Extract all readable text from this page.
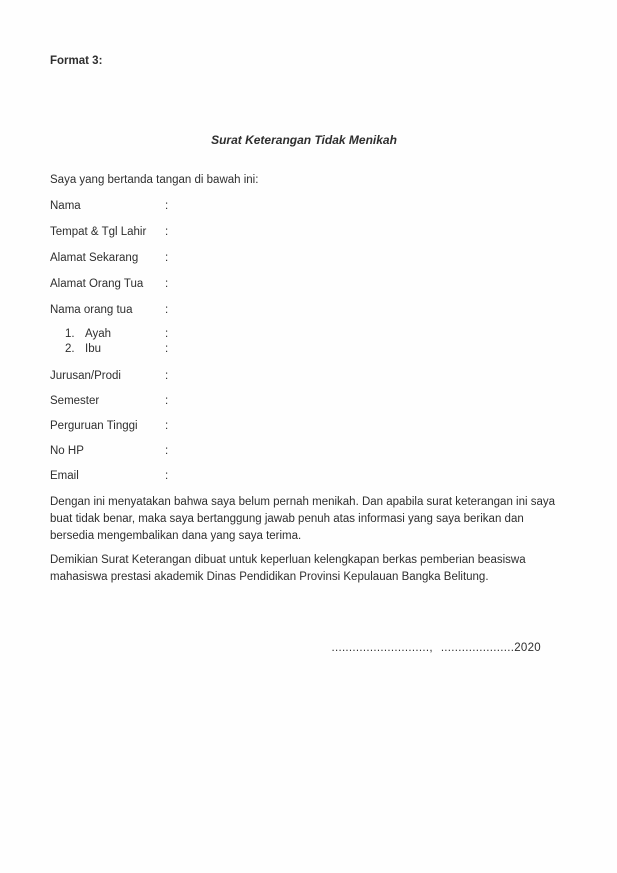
Format 3:
Surat Keterangan Tidak Menikah
Saya yang bertanda tangan di bawah ini:
Nama	:
Tempat & Tgl Lahir :
Alamat Sekarang :
Alamat Orang Tua :
Nama orang tua	:
1. Ayah	:
2. Ibu	:
Jurusan/Prodi	:
Semester	:
Perguruan Tinggi :
No HP	:
Email	:
Dengan ini menyatakan bahwa saya belum pernah menikah. Dan apabila surat keterangan ini saya buat tidak benar, maka saya bertanggung jawab penuh atas informasi yang saya berikan dan bersedia mengembalikan dana yang saya terima.
Demikian Surat Keterangan dibuat untuk keperluan kelengkapan berkas pemberian beasiswa mahasiswa prestasi akademik Dinas Pendidikan Provinsi Kepulauan Bangka Belitung.
............................, .....................2020
